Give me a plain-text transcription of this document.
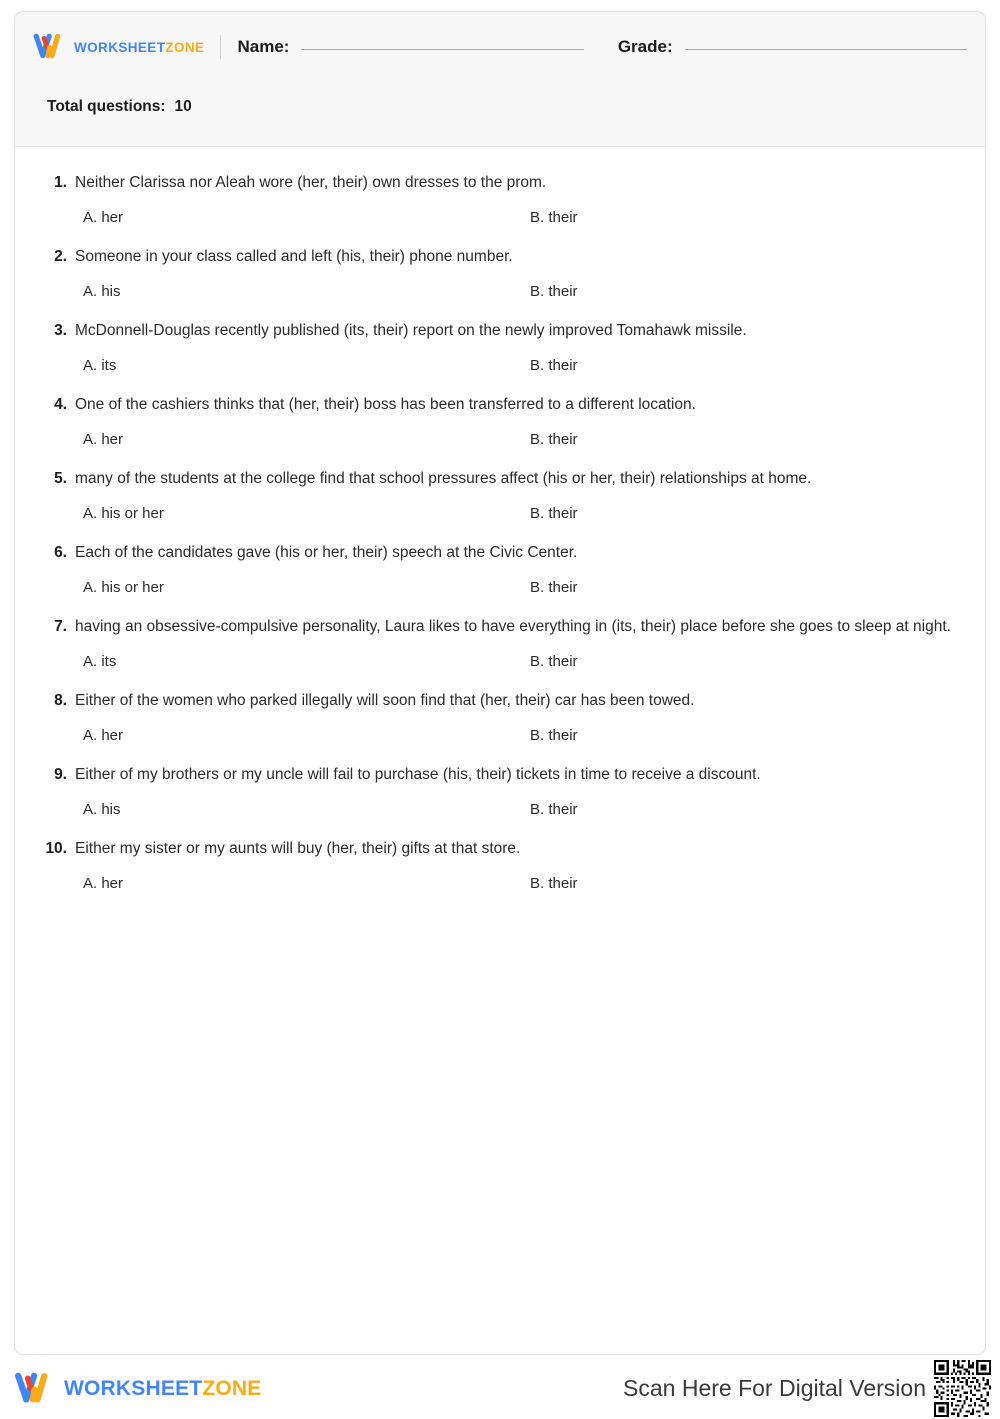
WORKSHEETZONE Name:	Grade:
Total questions: 10
1. Neither Clarissa nor Aleah wore (her, their) own dresses to the prom.
A. her	B. their
2. Someone in your class called and left (his, their) phone number.
A. his	B. their
3. McDonnell-Douglas recently published (its, their) report on the newly improved Tomahawk missile.
A. its	B. their
4. One of the cashiers thinks that (her, their) boss has been transferred to a different location.
A. her	B. their
5. many of the students at the college find that school pressures affect (his or her, their) relationships at home.
A. his or her	B. their
6. Each of the candidates gave (his or her, their) speech at the Civic Center.
A. his or her	B. their
7. having an obsessive-compulsive personality, Laura likes to have everything in (its, their) place before she goes to sleep at night.
A. its	B. their
8. Either of the women who parked illegally will soon find that (her, their) car has been towed.
A. her	B. their
9. Either of my brothers or my uncle will fail to purchase (his, their) tickets in time to receive a discount.
A. his	B. their
10. Either my sister or my aunts will buy (her, their) gifts at that store.
A. her	B. their
WORKSHEETZONE	Scan Here For Digital Version
